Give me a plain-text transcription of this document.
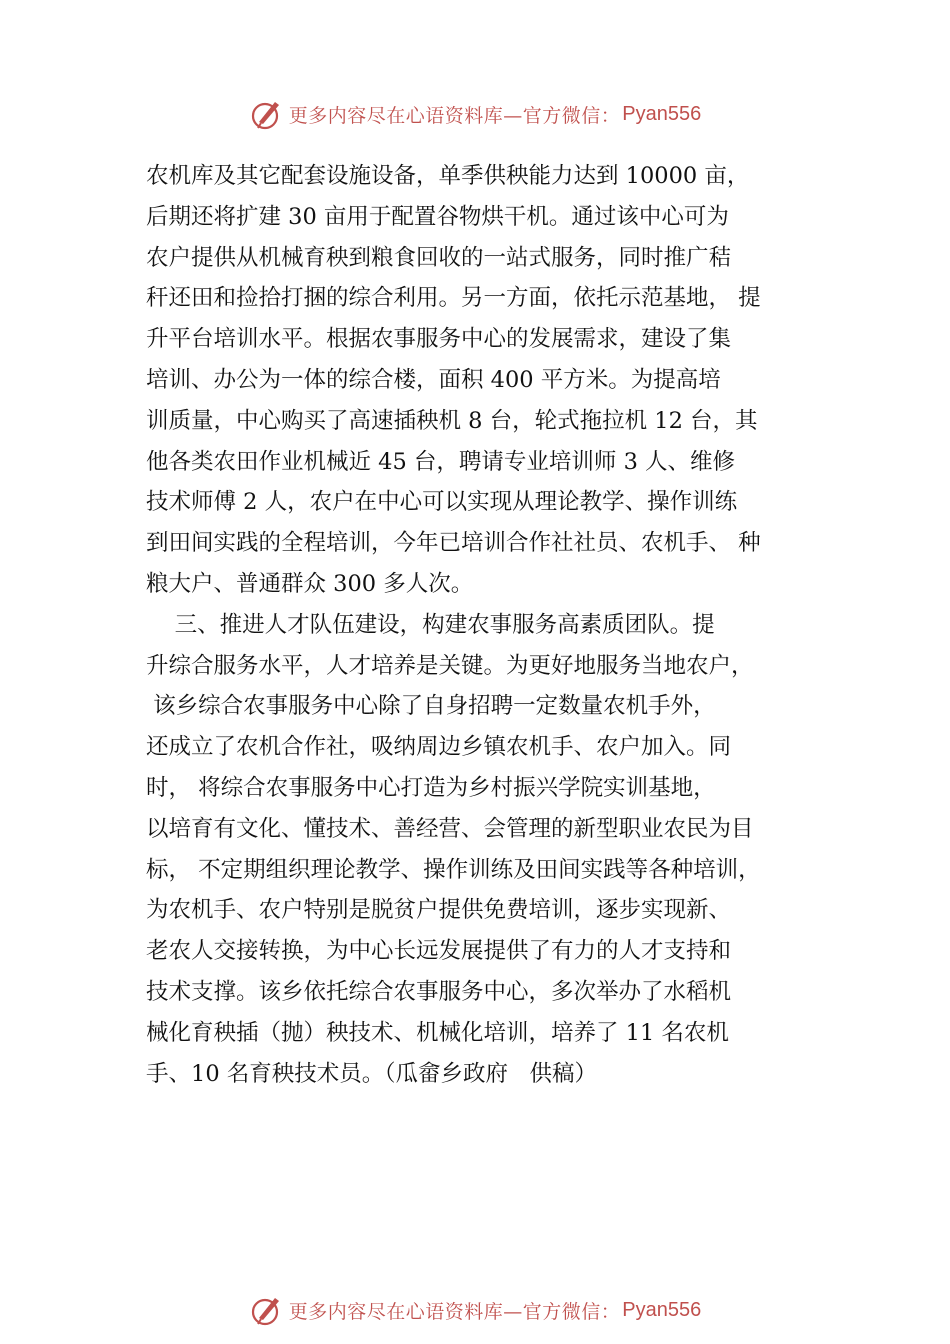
更多内容尽在心语资料库—官方微信： Pyan556
农机库及其它配套设施设备，单季供秧能力达到 10000 亩，
后期还将扩建 30 亩用于配置谷物烘干机。通过该中心可为
农户提供从机械育秧到粮食回收的一站式服务，同时推广秸
秆还田和捡拾打捆的综合利用。另一方面，依托示范基地， 提
升平台培训水平。根据农事服务中心的发展需求，建设了集
培训、办公为一体的综合楼，面积 400 平方米。为提高培
训质量，中心购买了高速插秧机 8 台，轮式拖拉机 12 台，其
他各类农田作业机械近 45 台，聘请专业培训师 3 人、维修
技术师傅 2 人，农户在中心可以实现从理论教学、操作训练
到田间实践的全程培训，今年已培训合作社社员、农机手、 种
粮大户、普通群众 300 多人次。
三、推进人才队伍建设，构建农事服务高素质团队。提
升综合服务水平，人才培养是关键。为更好地服务当地农户，
该乡综合农事服务中心除了自身招聘一定数量农机手外，
还成立了农机合作社，吸纳周边乡镇农机手、农户加入。同
时， 将综合农事服务中心打造为乡村振兴学院实训基地，
以培育有文化、懂技术、善经营、会管理的新型职业农民为目
标， 不定期组织理论教学、操作训练及田间实践等各种培训，
为农机手、农户特别是脱贫户提供免费培训，逐步实现新、
老农人交接转换，为中心长远发展提供了有力的人才支持和
技术支撑。该乡依托综合农事服务中心，多次举办了水稻机
械化育秧插（抛）秧技术、机械化培训，培养了 11 名农机
手、10 名育秧技术员。（瓜畲乡政府   供稿）
更多内容尽在心语资料库—官方微信： Pyan556
